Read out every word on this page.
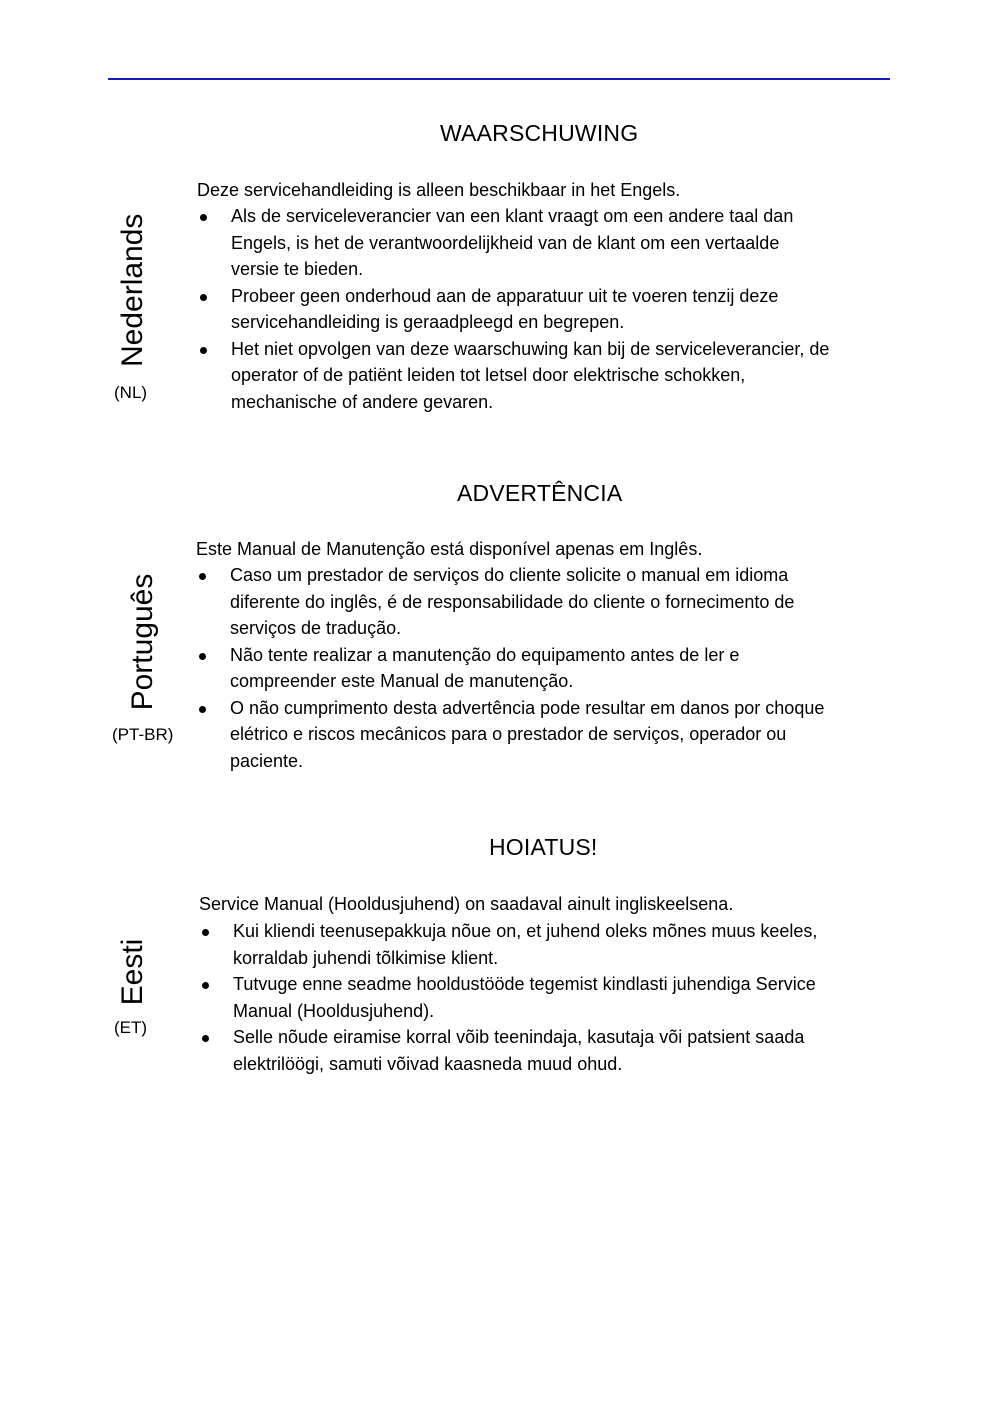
WAARSCHUWING
Nederlands
(NL)
Deze servicehandleiding is alleen beschikbaar in het Engels.
Als de serviceleverancier van een klant vraagt om een andere taal dan
Engels, is het de verantwoordelijkheid van de klant om een vertaalde
versie te bieden.
Probeer geen onderhoud aan de apparatuur uit te voeren tenzij deze
servicehandleiding is geraadpleegd en begrepen.
Het niet opvolgen van deze waarschuwing kan bij de serviceleverancier, de
operator of de patiënt leiden tot letsel door elektrische schokken,
mechanische of andere gevaren.
ADVERTÊNCIA
Português
(PT-BR)
Este Manual de Manutenção está disponível apenas em Inglês.
Caso um prestador de serviços do cliente solicite o manual em idioma
diferente do inglês, é de responsabilidade do cliente o fornecimento de
serviços de tradução.
Não tente realizar a manutenção do equipamento antes de ler e
compreender este Manual de manutenção.
O não cumprimento desta advertência pode resultar em danos por choque
elétrico e riscos mecânicos para o prestador de serviços, operador ou
paciente.
HOIATUS!
Eesti
(ET)
Service Manual (Hooldusjuhend) on saadaval ainult ingliskeelsena.
Kui kliendi teenusepakkuja nõue on, et juhend oleks mõnes muus keeles,
korraldab juhendi tõlkimise klient.
Tutvuge enne seadme hooldustööde tegemist kindlasti juhendiga Service
Manual (Hooldusjuhend).
Selle nõude eiramise korral võib teenindaja, kasutaja või patsient saada
elektrilöögi, samuti võivad kaasneda muud ohud.
